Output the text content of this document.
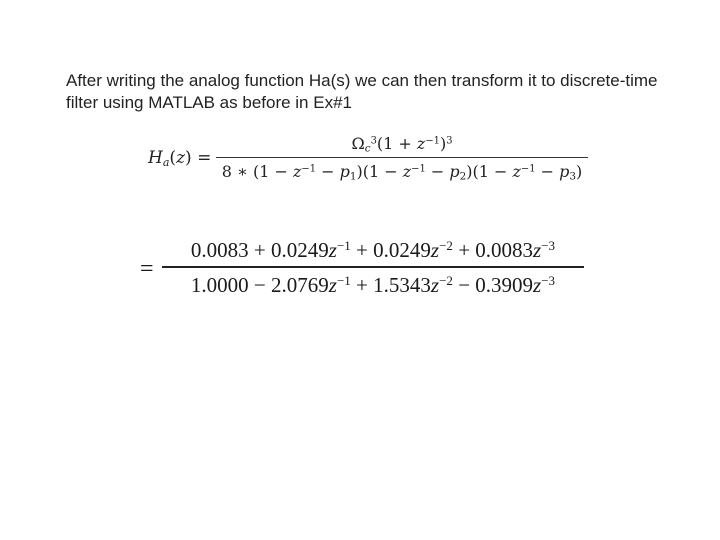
After writing the analog function Ha(s) we can then transform it to discrete-time
filter using MATLAB as before in Ex#1
$H_a(z)$ =
$\Omega_c^3(1 + z^{-1})^3$
8 ∗ $(1 - z^{-1} - p_1)(1 - z^{-1} - p_2)(1 - z^{-1} - p_3)$
=
$0.0083 + 0.0249z^{-1} + 0.0249z^{-2} + 0.0083z^{-3}$
$1.0000 - 2.0769z^{-1} + 1.5343z^{-2} - 0.3909z^{-3}$
